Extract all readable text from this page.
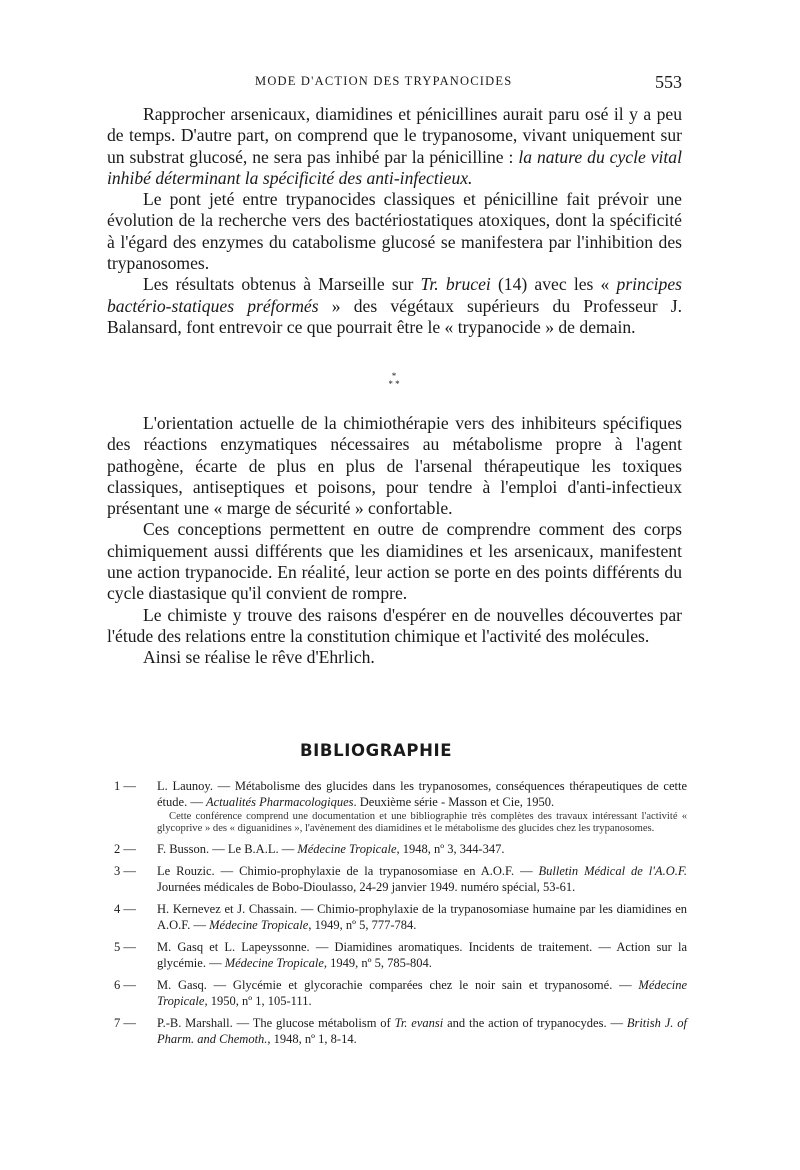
MODE D'ACTION DES TRYPANOCIDES	553

Rapprocher arsenicaux, diamidines et pénicillines aurait paru osé il y a peu de temps. D'autre part, on comprend que le trypanosome, vivant uniquement sur un substrat glucosé, ne sera pas inhibé par la pénicilline : la nature du cycle vital inhibé déterminant la spécificité des anti-infectieux.

Le pont jeté entre trypanocides classiques et pénicilline fait prévoir une évolution de la recherche vers des bactériostatiques atoxiques, dont la spécificité à l'égard des enzymes du catabolisme glucosé se manifestera par l'inhibition des trypanosomes.

Les résultats obtenus à Marseille sur Tr. brucei (14) avec les « principes bactério-statiques préformés » des végétaux supérieurs du Professeur J. Balansard, font entrevoir ce que pourrait être le « trypanocide » de demain.

*
* *

L'orientation actuelle de la chimiothérapie vers des inhibiteurs spécifiques des réactions enzymatiques nécessaires au métabolisme propre à l'agent pathogène, écarte de plus en plus de l'arsenal thérapeutique les toxiques classiques, antiseptiques et poisons, pour tendre à l'emploi d'anti-infectieux présentant une « marge de sécurité » confortable.

Ces conceptions permettent en outre de comprendre comment des corps chimiquement aussi différents que les diamidines et les arsenicaux, manifestent une action trypanocide. En réalité, leur action se porte en des points différents du cycle diastasique qu'il convient de rompre.

Le chimiste y trouve des raisons d'espérer en de nouvelles découvertes par l'étude des relations entre la constitution chimique et l'activité des molécules.

Ainsi se réalise le rêve d'Ehrlich.

BIBLIOGRAPHIE
1 —	L. Launoy. — Métabolisme des glucides dans les trypanosomes, conséquences thérapeutiques de cette étude. — Actualités Pharmacologiques. Deuxième série - Masson et Cie, 1950.
Cette conférence comprend une documentation et une bibliographie très complètes des travaux intéressant l'activité « glycoprive » des « diguanidines », l'avènement des diamidines et le métabolisme des glucides chez les trypanosomes.
2 —	F. Busson. — Le B.A.L. — Médecine Tropicale, 1948, nº 3, 344-347.
3 —	Le Rouzic. — Chimio-prophylaxie de la trypanosomiase en A.O.F. — Bulletin Médical de l'A.O.F. Journées médicales de Bobo-Dioulasso, 24-29 janvier 1949. numéro spécial, 53-61.
4 —	H. Kernevez et J. Chassain. — Chimio-prophylaxie de la trypanosomiase humaine par les diamidines en A.O.F. — Médecine Tropicale, 1949, nº 5, 777-784.
5 —	M. Gasq et L. Lapeyssonne. — Diamidines aromatiques. Incidents de traitement. — Action sur la glycémie. — Médecine Tropicale, 1949, nº 5, 785-804.
6 —	M. Gasq. — Glycémie et glycorachie comparées chez le noir sain et trypanosomé. — Médecine Tropicale, 1950, nº 1, 105-111.
7 —	P.-B. Marshall. — The glucose métabolism of Tr. evansi and the action of trypanocydes. — British J. of Pharm. and Chemoth., 1948, nº 1, 8-14.
